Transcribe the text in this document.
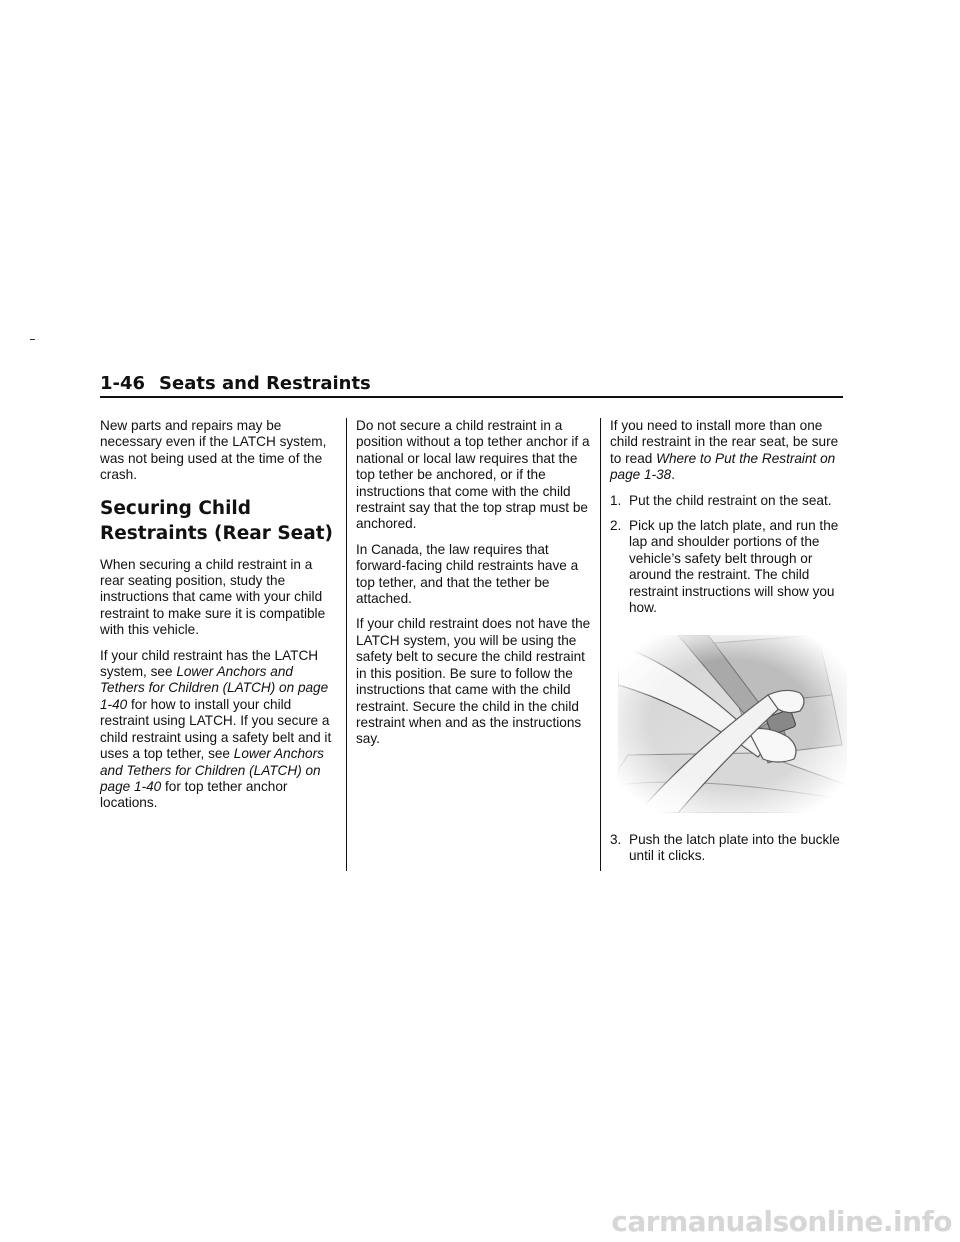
1-46 Seats and Restraints

New parts and repairs may be necessary even if the LATCH system, was not being used at the time of the crash.

Securing Child Restraints (Rear Seat)

When securing a child restraint in a rear seating position, study the instructions that came with your child restraint to make sure it is compatible with this vehicle.

If your child restraint has the LATCH system, see Lower Anchors and Tethers for Children (LATCH) on page 1-40 for how to install your child restraint using LATCH. If you secure a child restraint using a safety belt and it uses a top tether, see Lower Anchors and Tethers for Children (LATCH) on page 1-40 for top tether anchor locations.

Do not secure a child restraint in a position without a top tether anchor if a national or local law requires that the top tether be anchored, or if the instructions that come with the child restraint say that the top strap must be anchored.

In Canada, the law requires that forward-facing child restraints have a top tether, and that the tether be attached.

If your child restraint does not have the LATCH system, you will be using the safety belt to secure the child restraint in this position. Be sure to follow the instructions that came with the child restraint. Secure the child in the child restraint when and as the instructions say.

If you need to install more than one child restraint in the rear seat, be sure to read Where to Put the Restraint on page 1-38.

1. Put the child restraint on the seat.
2. Pick up the latch plate, and run the lap and shoulder portions of the vehicle’s safety belt through or around the restraint. The child restraint instructions will show you how.
3. Push the latch plate into the buckle until it clicks.
carmanualsonline.info
